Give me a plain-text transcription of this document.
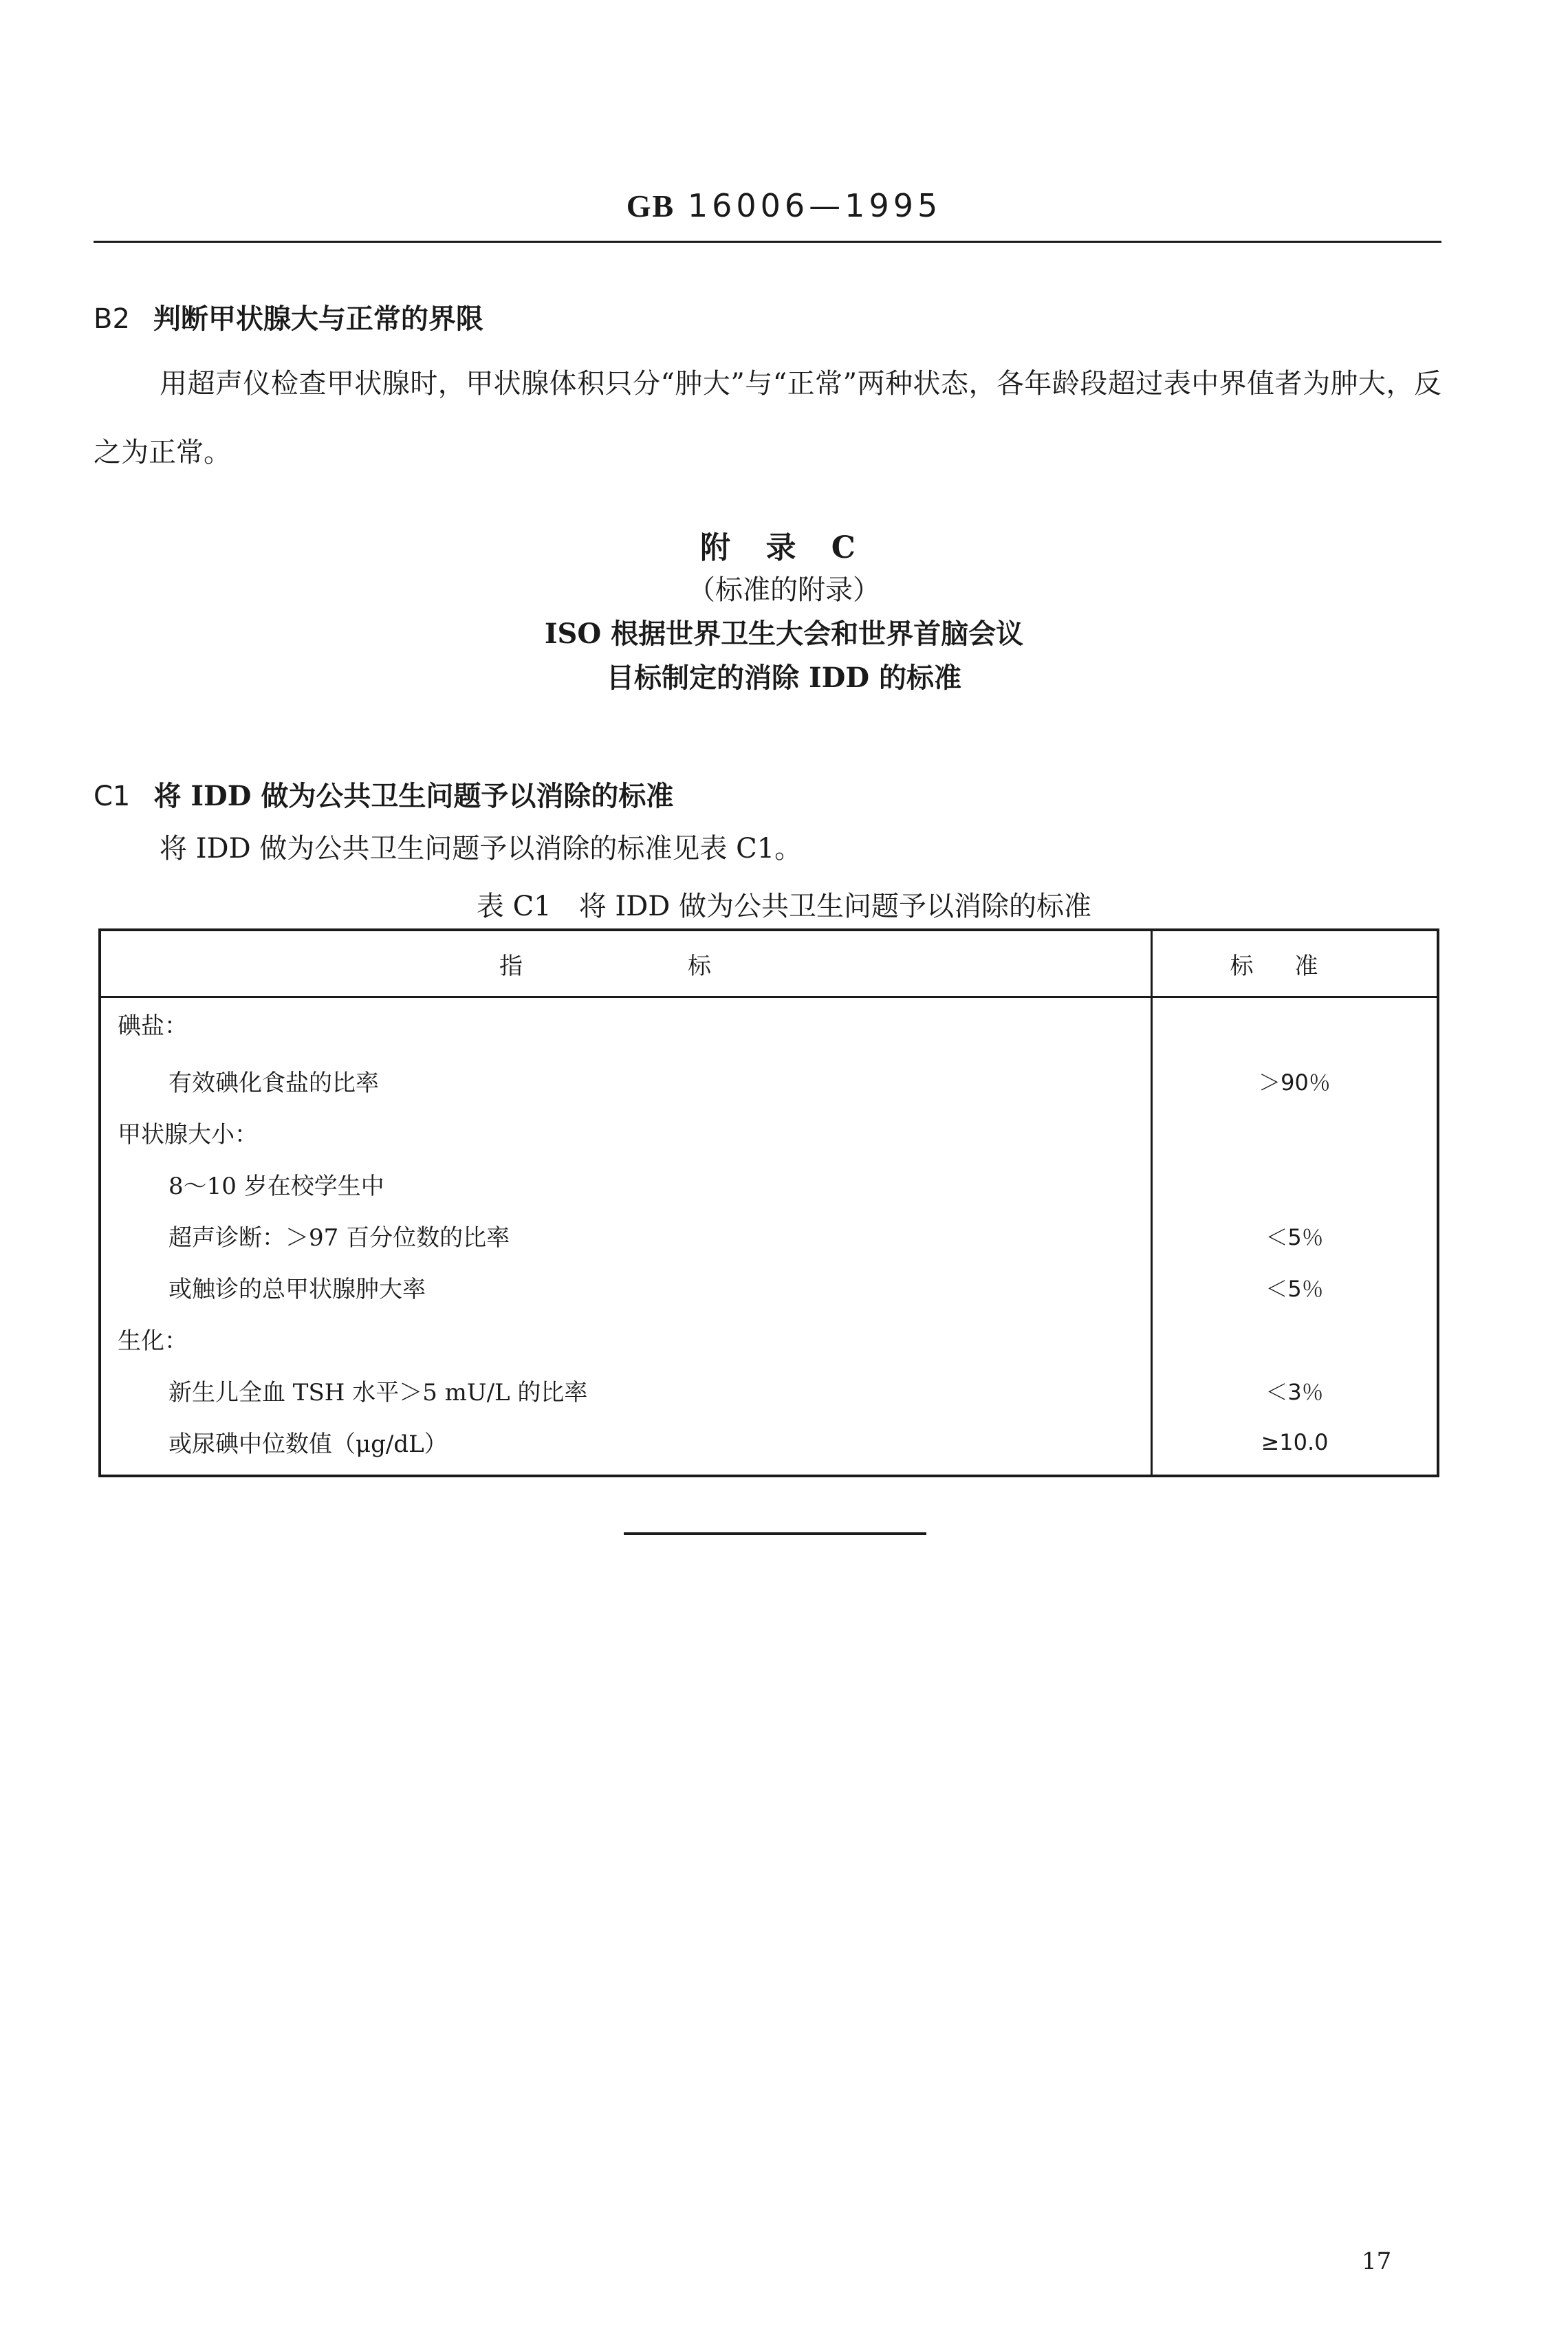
GB 16006—1995
B2 判断甲状腺大与正常的界限
用超声仪检查甲状腺时，甲状腺体积只分“肿大”与“正常”两种状态，各年龄段超过表中界值者为肿大，反之为正常。
附 录 C
（标准的附录）
ISO 根据世界卫生大会和世界首脑会议
目标制定的消除 IDD 的标准
C1 将 IDD 做为公共卫生问题予以消除的标准
将 IDD 做为公共卫生问题予以消除的标准见表 C1。
表 C1　将 IDD 做为公共卫生问题予以消除的标准
指 标	标准
碘盐：	
有效碘化食盐的比率	＞90％
甲状腺大小：	
8～10 岁在校学生中	
超声诊断：＞97 百分位数的比率	＜5％
或触诊的总甲状腺肿大率	＜5％
生化：	
新生儿全血 TSH 水平＞5 mU/L 的比率	＜3％
或尿碘中位数值（μg/dL）	≥10.0
17
